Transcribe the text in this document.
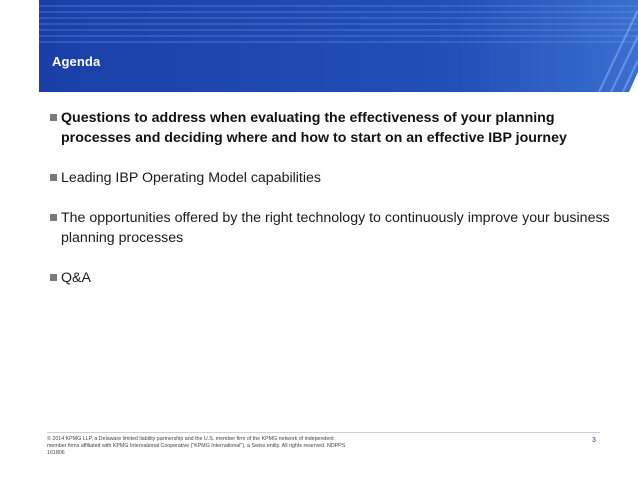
Agenda
Questions to address when evaluating the effectiveness of your planning processes and deciding where and how to start on an effective IBP journey
Leading IBP Operating Model capabilities
The opportunities offered by the right technology to continuously improve your business planning processes
Q&A
© 2014 KPMG LLP, a Delaware limited liability partnership and the U.S. member firm of the KPMG network of independent member firms affiliated with KPMG International Cooperative ("KPMG International"), a Swiss entity. All rights reserved. NDPPS 161806
3
